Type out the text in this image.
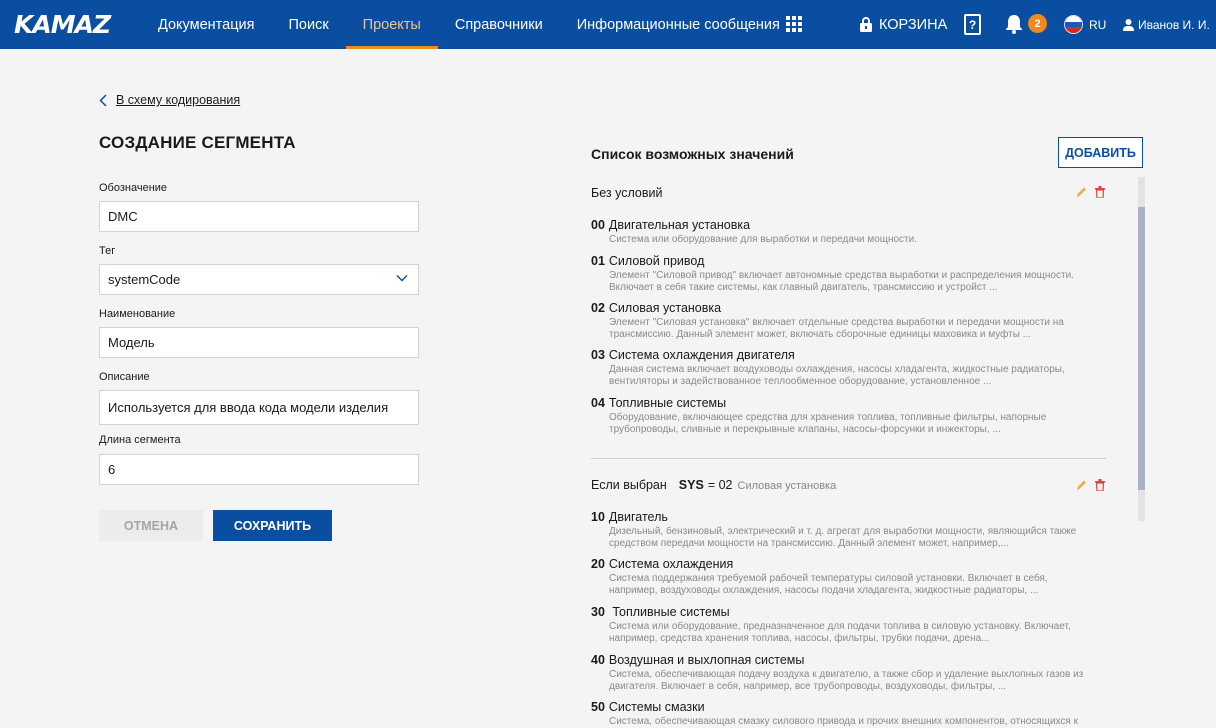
KAMAZ	Документация	Поиск	Проекты	Справочники	Информационные сообщения	КОРЗИНА	?	2	RU	Иванов И. И.
В схему кодирования
СОЗДАНИЕ СЕГМЕНТА
Обозначение
DMC
Тег
systemCode
Наименование
Модель
Описание
Используется для ввода кода модели изделия
Длина сегмента
6
ОТМЕНА	СОХРАНИТЬ
Список возможных значений	ДОБАВИТЬ
Без условий
00 Двигательная установка
Система или оборудование для выработки и передачи мощности.
01 Силовой привод
Элемент "Силовой привод" включает автономные средства выработки и распределения мощности.
Включает в себя такие системы, как главный двигатель, трансмиссию и устройст ...
02 Силовая установка
Элемент "Силовая установка" включает отдельные средства выработки и передачи мощности на
трансмиссию. Данный элемент может, включать сборочные единицы маховика и муфты ...
03 Система охлаждения двигателя
Данная система включает воздуховоды охлаждения, насосы хладагента, жидкостные радиаторы,
вентиляторы и задействованное теплообменное оборудование, установленное ...
04 Топливные системы
Оборудование, включающее средства для хранения топлива, топливные фильтры, напорные
трубопроводы, сливные и перекрывные клапаны, насосы-форсунки и инжекторы, ...
Если выбран SYS = 02 Силовая установка
10 Двигатель
Дизельный, бензиновый, электрический и т. д. агрегат для выработки мощности, являющийся также
средством передачи мощности на трансмиссию. Данный элемент может, например,...
20 Система охлаждения
Система поддержания требуемой рабочей температуры силовой установки. Включает в себя,
например, воздуховоды охлаждения, насосы подачи хладагента, жидкостные радиаторы, ...
30 Топливные системы
Система или оборудование, предназначенное для подачи топлива в силовую установку. Включает,
например, средства хранения топлива, насосы, фильтры, трубки подачи, дрена...
40 Воздушная и выхлопная системы
Система, обеспечивающая подачу воздуха к двигателю, а также сбор и удаление выхлопных газов из
двигателя. Включает в себя, например, все трубопроводы, воздуховоды, фильтры, ...
50 Системы смазки
Система, обеспечивающая смазку силового привода и прочих внешних компонентов, относящихся к
